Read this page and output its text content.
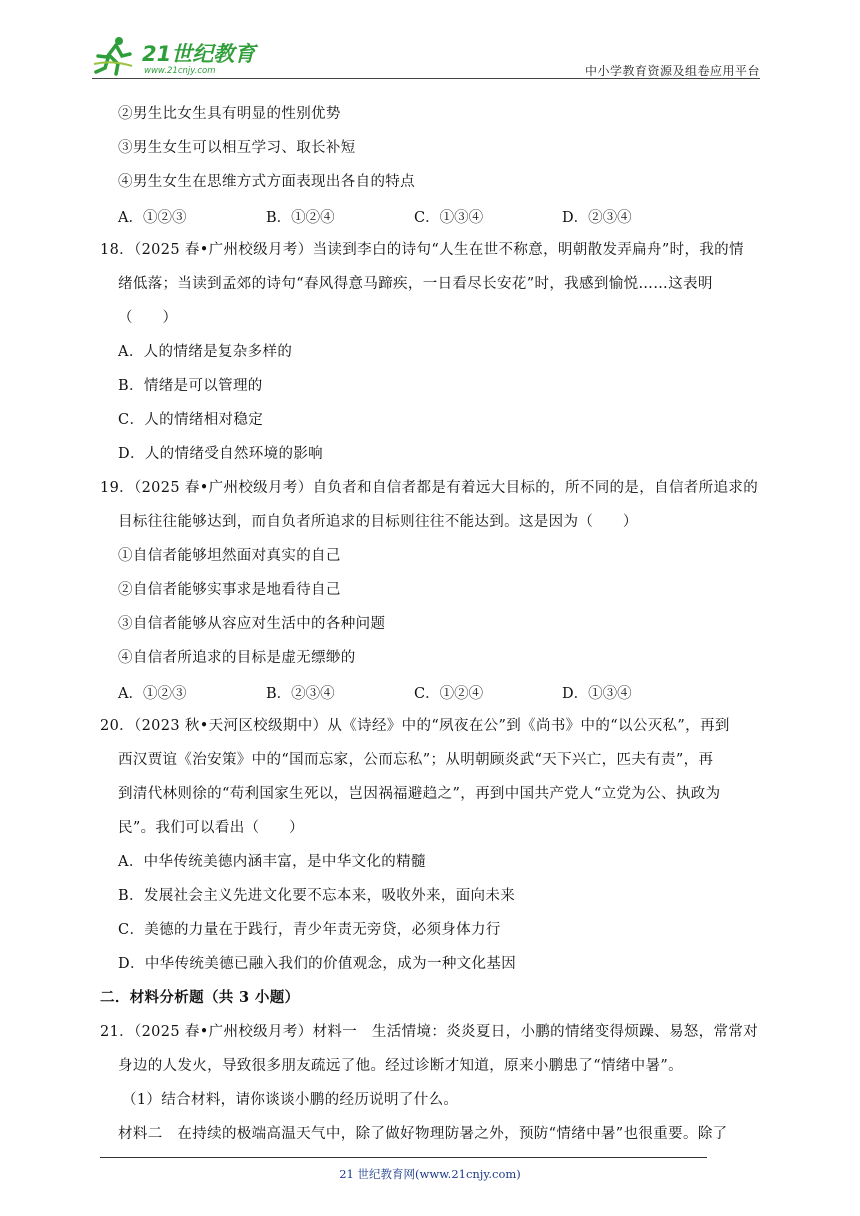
21世纪教育
www.21cnjy.com	中小学教育资源及组卷应用平台
②男生比女生具有明显的性别优势
③男生女生可以相互学习、取长补短
④男生女生在思维方式方面表现出各自的特点
A．①②③	B．①②④	C．①③④	D．②③④
18．（2025 春•广州校级月考）当读到李白的诗句“人生在世不称意，明朝散发弄扁舟”时，我的情
绪低落；当读到孟郊的诗句“春风得意马蹄疾，一日看尽长安花”时，我感到愉悦……这表明
（　　）
A．人的情绪是复杂多样的
B．情绪是可以管理的
C．人的情绪相对稳定
D．人的情绪受自然环境的影响
19．（2025 春•广州校级月考）自负者和自信者都是有着远大目标的，所不同的是，自信者所追求的
目标往往能够达到，而自负者所追求的目标则往往不能达到。这是因为（　　）
①自信者能够坦然面对真实的自己
②自信者能够实事求是地看待自己
③自信者能够从容应对生活中的各种问题
④自信者所追求的目标是虚无缥缈的
A．①②③	B．②③④	C．①②④	D．①③④
20．（2023 秋•天河区校级期中）从《诗经》中的“夙夜在公”到《尚书》中的“以公灭私”，再到
西汉贾谊《治安策》中的“国而忘家，公而忘私”；从明朝顾炎武“天下兴亡，匹夫有责”，再
到清代林则徐的“苟利国家生死以，岂因祸福避趋之”，再到中国共产党人“立党为公、执政为
民”。我们可以看出（　　）
A．中华传统美德内涵丰富，是中华文化的精髓
B．发展社会主义先进文化要不忘本来，吸收外来，面向未来
C．美德的力量在于践行，青少年责无旁贷，必须身体力行
D．中华传统美德已融入我们的价值观念，成为一种文化基因
二．材料分析题（共 3 小题）
21．（2025 春•广州校级月考）材料一　生活情境：炎炎夏日，小鹏的情绪变得烦躁、易怒，常常对
身边的人发火，导致很多朋友疏远了他。经过诊断才知道，原来小鹏患了“情绪中暑”。
（1）结合材料，请你谈谈小鹏的经历说明了什么。
材料二　在持续的极端高温天气中，除了做好物理防暑之外，预防“情绪中暑”也很重要。除了
21 世纪教育网(www.21cnjy.com)
